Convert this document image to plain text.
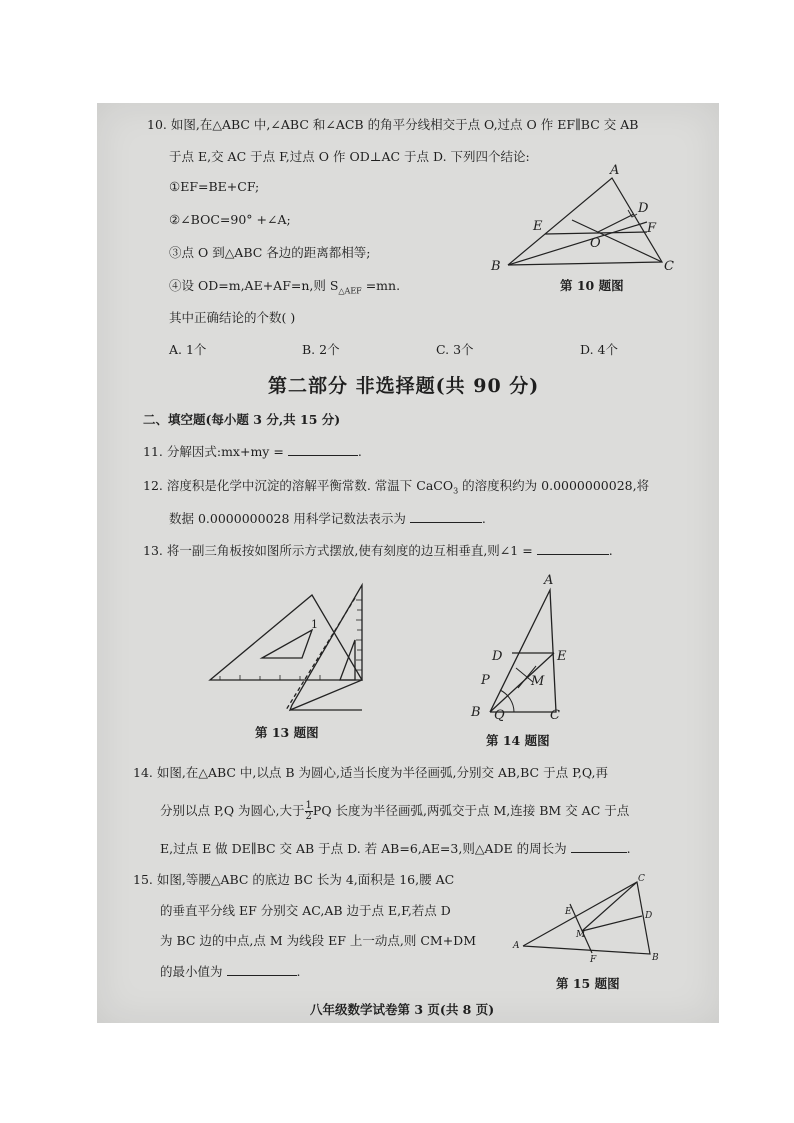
10. 如图,在△ABC 中,∠ABC 和∠ACB 的角平分线相交于点 O,过点 O 作 EF∥BC 交 AB
于点 E,交 AC 于点 F,过点 O 作 OD⊥AC 于点 D. 下列四个结论:
①EF=BE+CF;
②∠BOC=90° +∠A;
③点 O 到△ABC 各边的距离都相等;
④设 OD=m,AE+AF=n,则 $S_{\triangle AEF} =mn$.
其中正确结论的个数( )
A. 1个	B. 2个	C. 3个	D. 4个
A
B	C
D
E	F
O
第 10 题图
第二部分 非选择题(共 90 分)
二、填空题(每小题 3 分,共 15 分)
11. 分解因式:mx+my =	.
12. 溶度积是化学中沉淀的溶解平衡常数. 常温下 CaCO$_3$ 的溶度积约为 0.0000000028,将
数据 0.0000000028 用科学记数法表示为	.
13. 将一副三角板按如图所示方式摆放,使有刻度的边互相垂直,则∠1 =	.
1
第 13 题图
A
B	C
D	E
P
Q
M
第 14 题图
14. 如图,在△ABC 中,以点 B 为圆心,适当长度为半径画弧,分别交 AB,BC 于点 P,Q,再
分别以点 P,Q 为圆心,大于 $\frac{1}{2}$ PQ 长度为半径画弧,两弧交于点 M,连接 BM 交 AC 于点
E,过点 E 做 DE∥BC 交 AB 于点 D. 若 AB=6,AE=3,则△ADE 的周长为	.
15. 如图,等腰△ABC 的底边 BC 长为 4,面积是 16,腰 AC
的垂直平分线 EF 分别交 AC,AB 边于点 E,F,若点 D
为 BC 边的中点,点 M 为线段 EF 上一动点,则 CM+DM
的最小值为	.
C
A
B
D
E
F
M
第 15 题图
八年级数学试卷第 3 页(共 8 页)
